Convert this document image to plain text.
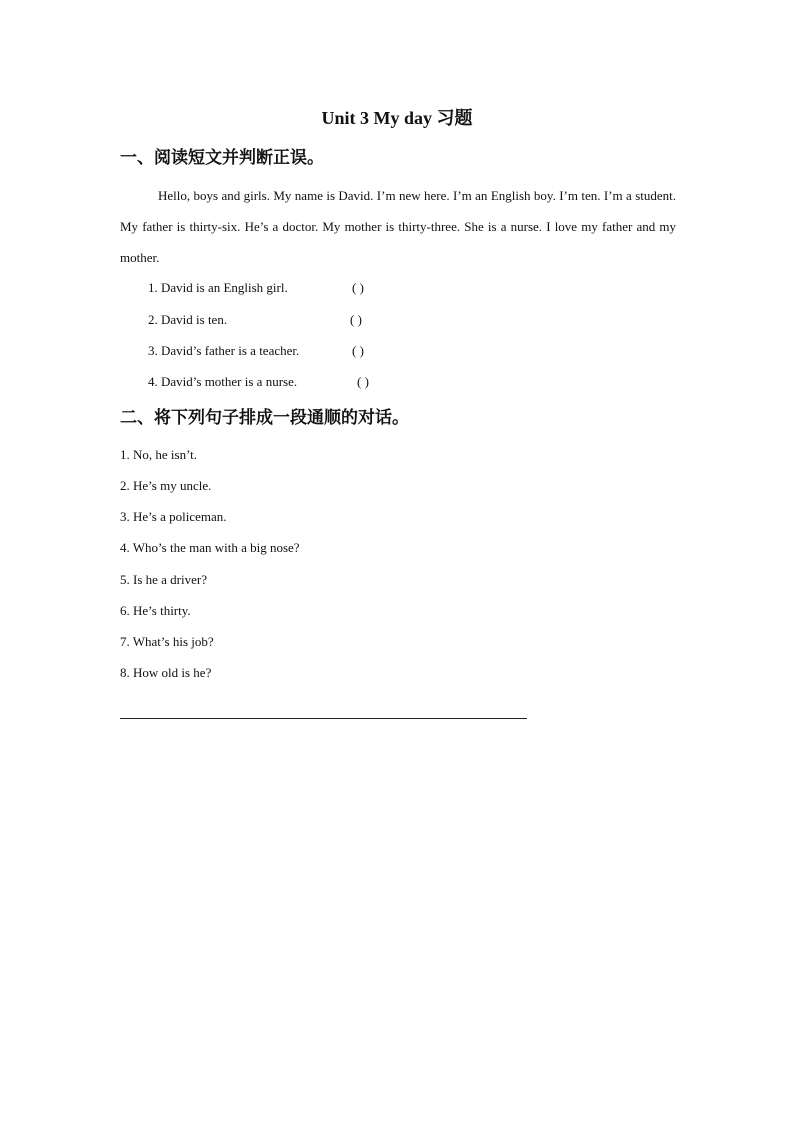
Unit 3 My day 习题
一、阅读短文并判断正误。
Hello, boys and girls. My name is David. I’m new here. I’m an English boy. I’m ten. I’m a student. My father is thirty-six. He’s a doctor. My mother is thirty-three. She is a nurse. I love my father and my mother.
1. David is an English girl.	( )
2. David is ten.	( )
3. David’s father is a teacher.	( )
4. David’s mother is a nurse.	( )
二、将下列句子排成一段通顺的对话。
1. No, he isn’t.
2. He’s my uncle.
3. He’s a policeman.
4. Who’s the man with a big nose?
5. Is he a driver?
6. He’s thirty.
7. What’s his job?
8. How old is he?
